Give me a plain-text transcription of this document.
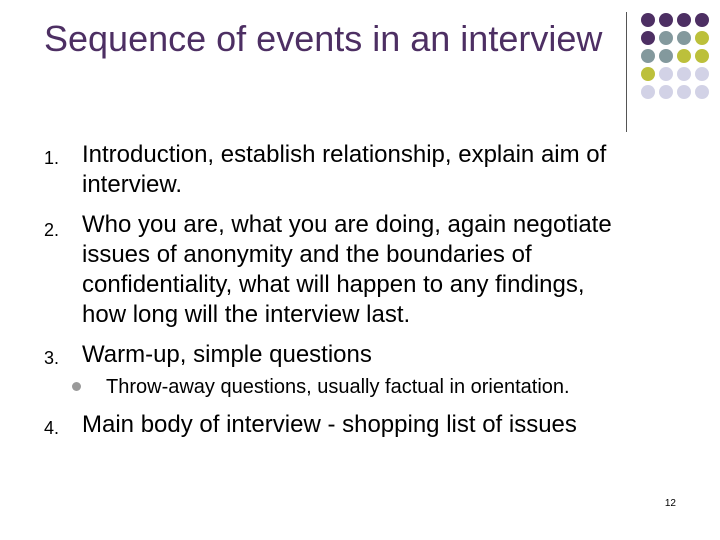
Sequence of events in an interview
1. Introduction, establish relationship, explain aim of
interview.
2. Who you are, what you are doing, again negotiate
issues of anonymity and the boundaries of
confidentiality, what will happen to any findings,
how long will the interview last.
3. Warm-up, simple questions
Throw-away questions, usually factual in orientation.
4. Main body of interview - shopping list of issues
12
